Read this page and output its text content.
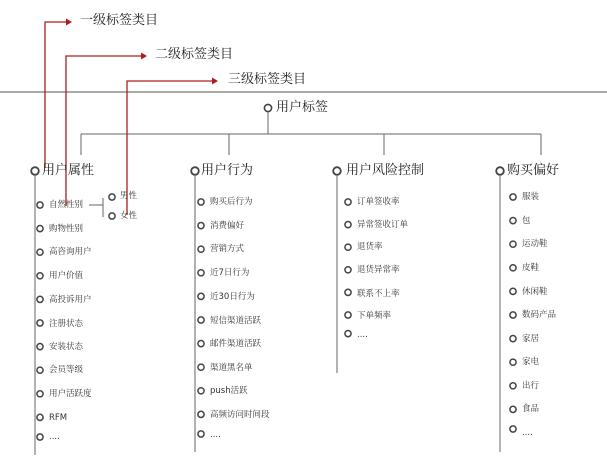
一级标签类目
二级标签类目
三级标签类目
用户标签
用户属性	用户行为	用户风险控制	购买偏好
自然性别
购物性别
高咨询用户
用户价值
高投诉用户
注册状态
安装状态
会员等级
用户活跃度
RFM
....
男性
女性
购买后行为
消费偏好
营销方式
近7日行为
近30日行为
短信渠道活跃
邮件渠道活跃
渠道黑名单
push活跃
高频访问时间段
....
订单签收率
异常签收订单
退货率
退货异常率
联系不上率
下单频率
....
服装
包
运动鞋
皮鞋
休闲鞋
数码产品
家居
家电
出行
食品
....
